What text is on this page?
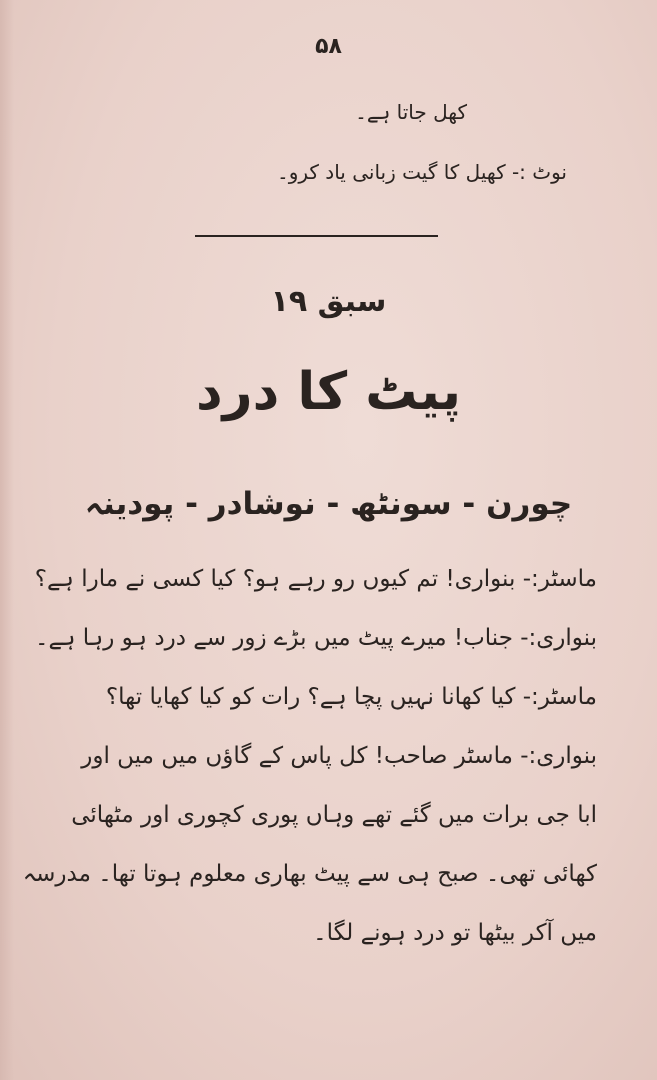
۵۸
کھل جاتا ہے۔
نوٹ :- کھیل کا گیت زبانی یاد کرو۔
سبق ۱۹
پیٹ کا درد
چورن - سونٹھ - نوشادر - پودینہ
ماسٹر:- بنواری! تم کیوں رو رہے ہو؟ کیا کسی نے مارا ہے؟
بنواری:- جناب! میرے پیٹ میں بڑے زور سے درد ہو رہا ہے۔
ماسٹر:- کیا کھانا نہیں پچا ہے؟ رات کو کیا کھایا تھا؟
بنواری:- ماسٹر صاحب! کل پاس کے گاؤں میں میں اور
ابا جی برات میں گئے تھے وہاں پوری کچوری اور مٹھائی
کھائی تھی۔ صبح ہی سے پیٹ بھاری معلوم ہوتا تھا۔ مدرسہ
میں آکر بیٹھا تو درد ہونے لگا۔
